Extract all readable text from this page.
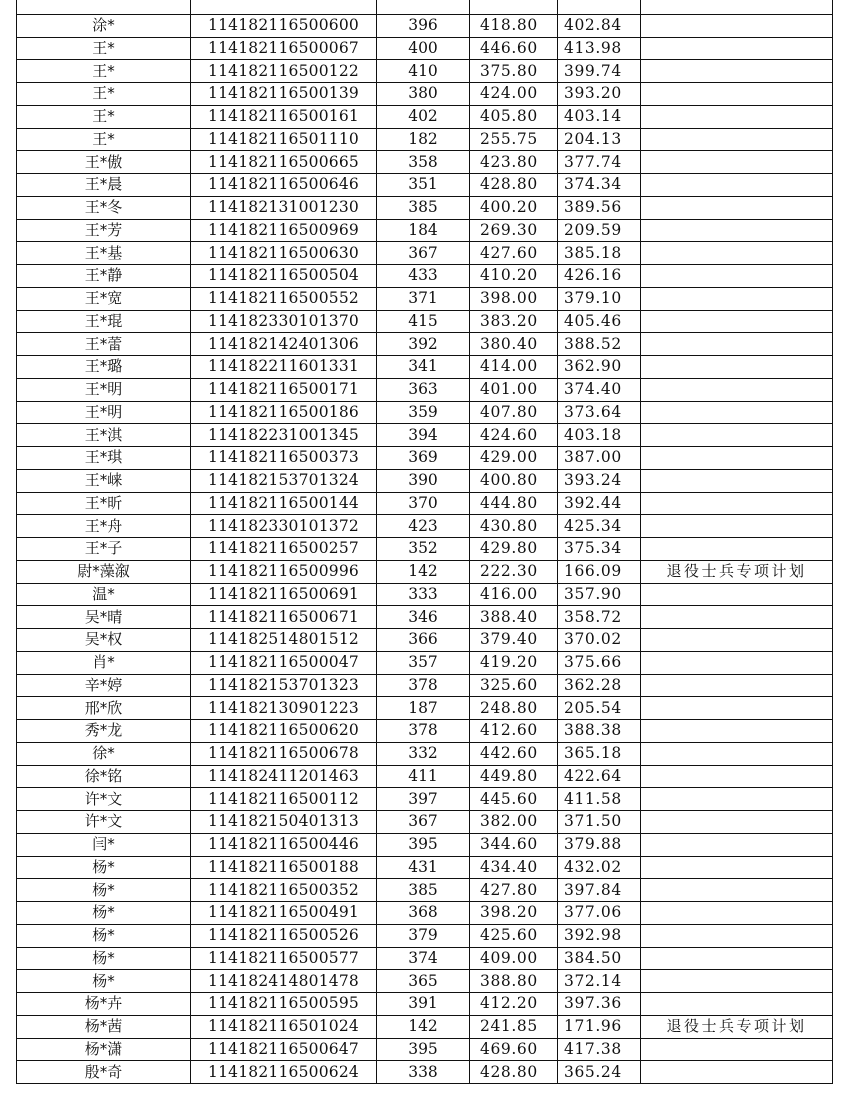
涂*	114182116500600	396	418.80	402.84	
王*	114182116500067	400	446.60	413.98	
王*	114182116500122	410	375.80	399.74	
王*	114182116500139	380	424.00	393.20	
王*	114182116500161	402	405.80	403.14	
王*	114182116501110	182	255.75	204.13	
王*傲	114182116500665	358	423.80	377.74	
王*晨	114182116500646	351	428.80	374.34	
王*冬	114182131001230	385	400.20	389.56	
王*芳	114182116500969	184	269.30	209.59	
王*基	114182116500630	367	427.60	385.18	
王*静	114182116500504	433	410.20	426.16	
王*宽	114182116500552	371	398.00	379.10	
王*琨	114182330101370	415	383.20	405.46	
王*蕾	114182142401306	392	380.40	388.52	
王*璐	114182211601331	341	414.00	362.90	
王*明	114182116500171	363	401.00	374.40	
王*明	114182116500186	359	407.80	373.64	
王*淇	114182231001345	394	424.60	403.18	
王*琪	114182116500373	369	429.00	387.00	
王*崃	114182153701324	390	400.80	393.24	
王*昕	114182116500144	370	444.80	392.44	
王*舟	114182330101372	423	430.80	425.34	
王*子	114182116500257	352	429.80	375.34	
尉*藻溆	114182116500996	142	222.30	166.09	退役士兵专项计划
温*	114182116500691	333	416.00	357.90	
吴*晴	114182116500671	346	388.40	358.72	
吴*权	114182514801512	366	379.40	370.02	
肖*	114182116500047	357	419.20	375.66	
辛*婷	114182153701323	378	325.60	362.28	
邢*欣	114182130901223	187	248.80	205.54	
秀*龙	114182116500620	378	412.60	388.38	
徐*	114182116500678	332	442.60	365.18	
徐*铭	114182411201463	411	449.80	422.64	
许*文	114182116500112	397	445.60	411.58	
许*文	114182150401313	367	382.00	371.50	
闫*	114182116500446	395	344.60	379.88	
杨*	114182116500188	431	434.40	432.02	
杨*	114182116500352	385	427.80	397.84	
杨*	114182116500491	368	398.20	377.06	
杨*	114182116500526	379	425.60	392.98	
杨*	114182116500577	374	409.00	384.50	
杨*	114182414801478	365	388.80	372.14	
杨*卉	114182116500595	391	412.20	397.36	
杨*茜	114182116501024	142	241.85	171.96	退役士兵专项计划
杨*潇	114182116500647	395	469.60	417.38	
殷*奇	114182116500624	338	428.80	365.24	
